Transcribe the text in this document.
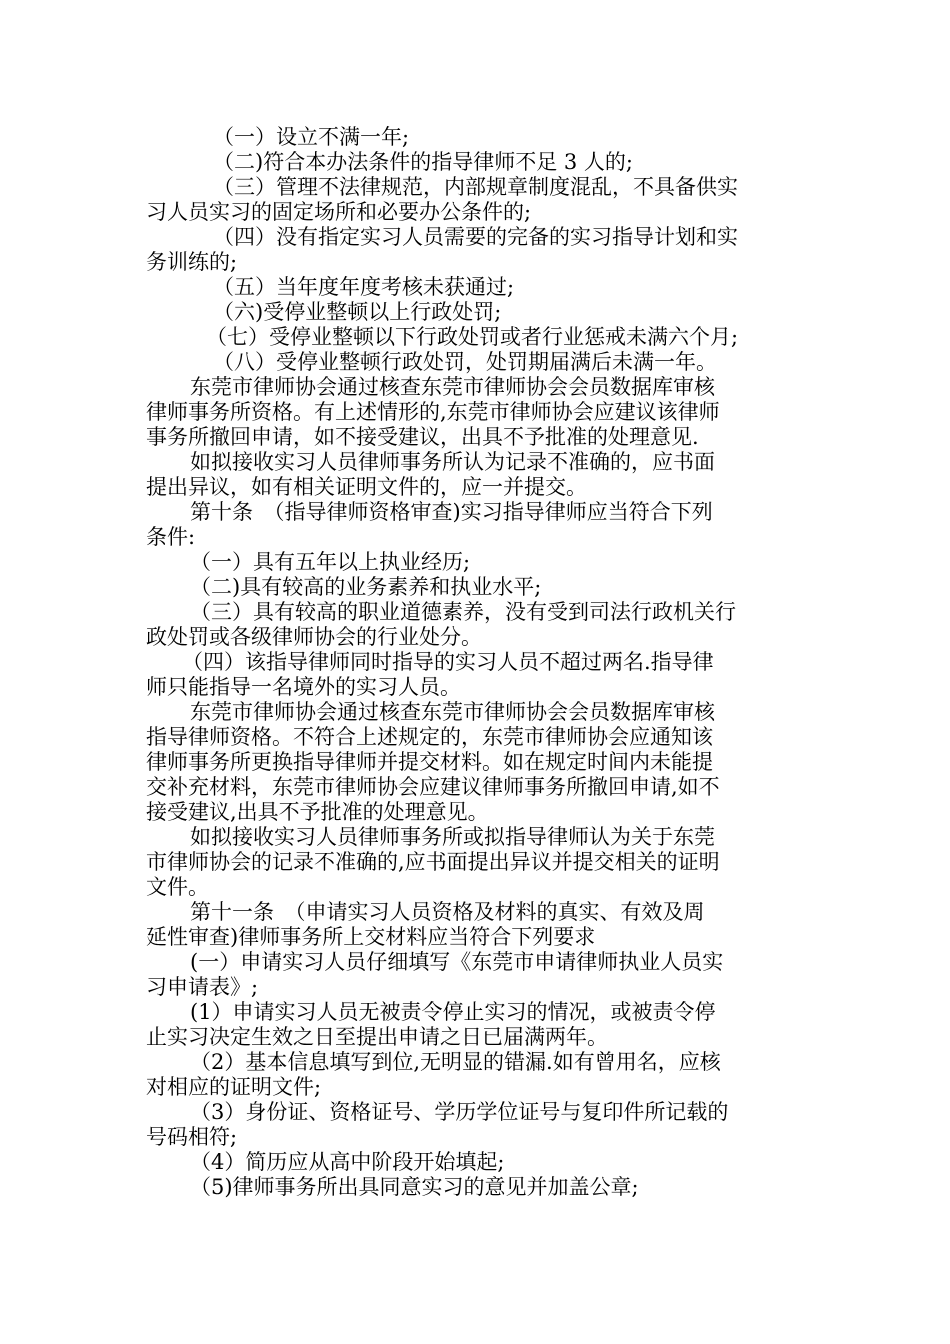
（一）设立不满一年;
（二)符合本办法条件的指导律师不足 3 人的;
（三）管理不法律规范，内部规章制度混乱，不具备供实
习人员实习的固定场所和必要办公条件的;
（四）没有指定实习人员需要的完备的实习指导计划和实
务训练的;
（五）当年度年度考核未获通过;
（六)受停业整顿以上行政处罚;
（七）受停业整顿以下行政处罚或者行业惩戒未满六个月;
（八）受停业整顿行政处罚，处罚期届满后未满一年。
东莞市律师协会通过核查东莞市律师协会会员数据库审核
律师事务所资格。有上述情形的,东莞市律师协会应建议该律师
事务所撤回申请，如不接受建议，出具不予批准的处理意见.
如拟接收实习人员律师事务所认为记录不准确的，应书面
提出异议，如有相关证明文件的，应一并提交。
第十条　（指导律师资格审查)实习指导律师应当符合下列
条件:
（一）具有五年以上执业经历;
（二)具有较高的业务素养和执业水平;
（三）具有较高的职业道德素养，没有受到司法行政机关行
政处罚或各级律师协会的行业处分。
（四）该指导律师同时指导的实习人员不超过两名.指导律
师只能指导一名境外的实习人员。
东莞市律师协会通过核查东莞市律师协会会员数据库审核
指导律师资格。不符合上述规定的，东莞市律师协会应通知该
律师事务所更换指导律师并提交材料。如在规定时间内未能提
交补充材料，东莞市律师协会应建议律师事务所撤回申请,如不
接受建议,出具不予批准的处理意见。
如拟接收实习人员律师事务所或拟指导律师认为关于东莞
市律师协会的记录不准确的,应书面提出异议并提交相关的证明
文件。
第十一条　（申请实习人员资格及材料的真实、有效及周
延性审查)律师事务所上交材料应当符合下列要求
(一）申请实习人员仔细填写《东莞市申请律师执业人员实
习申请表》;
(1）申请实习人员无被责令停止实习的情况，或被责令停
止实习决定生效之日至提出申请之日已届满两年。
（2）基本信息填写到位,无明显的错漏.如有曾用名，应核
对相应的证明文件;
（3）身份证、资格证号、学历学位证号与复印件所记载的
号码相符;
（4）简历应从高中阶段开始填起;
（5)律师事务所出具同意实习的意见并加盖公章;
